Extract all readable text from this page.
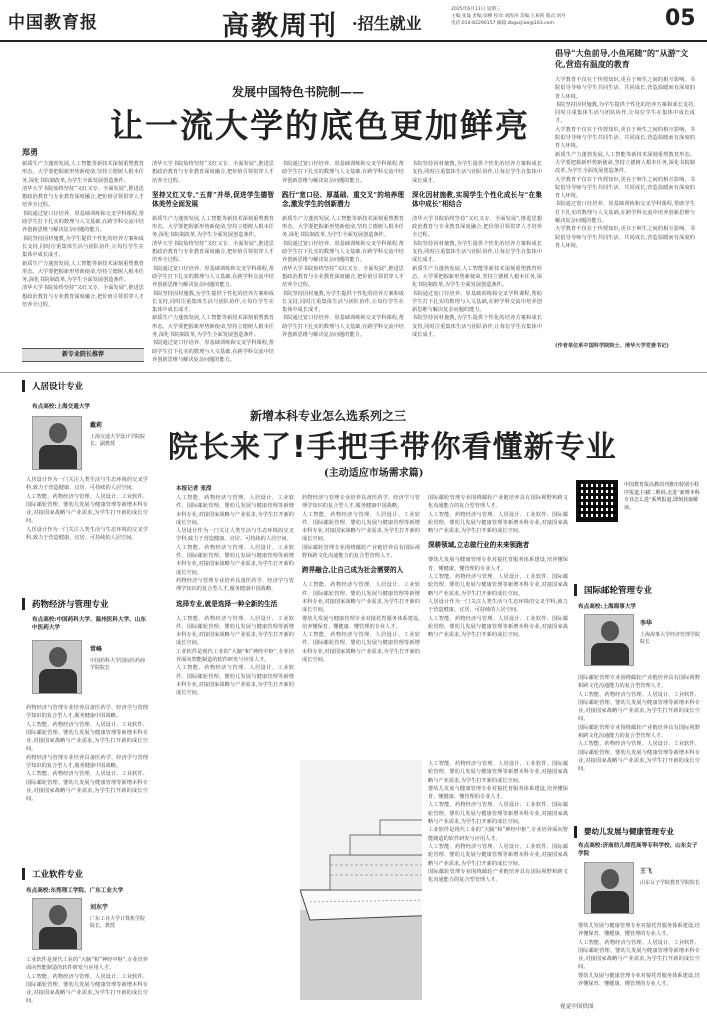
中国教育报	高教周刊 ·招生就业
2025年6月11日 星期三
主编:张曼 责编:徐柳 校对:刘海涛 美编:王莉莉 版式:刘丹
电话:010-82296157 邮箱:zbgxcjiao@163.com	05
发展中国特色书院制——
让一流大学的底色更加鲜亮
郑勇

新质生产力蓬勃发展,人工智能等新技术深刻重塑教育形态。大学要把握新形势新使命,坚持立德树人根本任务,深化书院制改革,为学生全面发展创造条件。

清华大学书院始终坚持“又红又专、全面发展”,推进思想政治教育与专业教育深度融合,把价值引领贯穿人才培养全过程。

书院通过宽口径培养、厚基础训练和交叉学科课程,帮助学生打下扎实的数理与人文基础,在跨学科交流中培养创新思维与解决复杂问题的能力。

书院坚持因材施教,为学生提供个性化的培养方案和成长支持,同时注重集体生活与团队协作,让每位学生在集体中成长成才。

新质生产力蓬勃发展,人工智能等新技术深刻重塑教育形态。大学要把握新形势新使命,坚持立德树人根本任务,深化书院制改革,为学生全面发展创造条件。

清华大学书院始终坚持“又红又专、全面发展”,推进思想政治教育与专业教育深度融合,把价值引领贯穿人才培养全过程。

清华大学书院始终坚持“又红又专、全面发展”,推进思想政治教育与专业教育深度融合,把价值引领贯穿人才培养全过程。

坚持又红又专,“五育”并举,促进学生德智体美劳全面发展

新质生产力蓬勃发展,人工智能等新技术深刻重塑教育形态。大学要把握新形势新使命,坚持立德树人根本任务,深化书院制改革,为学生全面发展创造条件。

清华大学书院始终坚持“又红又专、全面发展”,推进思想政治教育与专业教育深度融合,把价值引领贯穿人才培养全过程。

书院通过宽口径培养、厚基础训练和交叉学科课程,帮助学生打下扎实的数理与人文基础,在跨学科交流中培养创新思维与解决复杂问题的能力。

书院坚持因材施教,为学生提供个性化的培养方案和成长支持,同时注重集体生活与团队协作,让每位学生在集体中成长成才。

新质生产力蓬勃发展,人工智能等新技术深刻重塑教育形态。大学要把握新形势新使命,坚持立德树人根本任务,深化书院制改革,为学生全面发展创造条件。

书院通过宽口径培养、厚基础训练和交叉学科课程,帮助学生打下扎实的数理与人文基础,在跨学科交流中培养创新思维与解决复杂问题的能力。

书院通过宽口径培养、厚基础训练和交叉学科课程,帮助学生打下扎实的数理与人文基础,在跨学科交流中培养创新思维与解决复杂问题的能力。

践行“宽口径、厚基础、重交叉”的培养理念,激发学生的创新潜力

新质生产力蓬勃发展,人工智能等新技术深刻重塑教育形态。大学要把握新形势新使命,坚持立德树人根本任务,深化书院制改革,为学生全面发展创造条件。

书院通过宽口径培养、厚基础训练和交叉学科课程,帮助学生打下扎实的数理与人文基础,在跨学科交流中培养创新思维与解决复杂问题的能力。

清华大学书院始终坚持“又红又专、全面发展”,推进思想政治教育与专业教育深度融合,把价值引领贯穿人才培养全过程。

书院坚持因材施教,为学生提供个性化的培养方案和成长支持,同时注重集体生活与团队协作,让每位学生在集体中成长成才。

书院通过宽口径培养、厚基础训练和交叉学科课程,帮助学生打下扎实的数理与人文基础,在跨学科交流中培养创新思维与解决复杂问题的能力。

书院坚持因材施教,为学生提供个性化的培养方案和成长支持,同时注重集体生活与团队协作,让每位学生在集体中成长成才。

深化因材施教,实现学生个性化成长与“在集体中成长”相结合

清华大学书院始终坚持“又红又专、全面发展”,推进思想政治教育与专业教育深度融合,把价值引领贯穿人才培养全过程。

书院坚持因材施教,为学生提供个性化的培养方案和成长支持,同时注重集体生活与团队协作,让每位学生在集体中成长成才。

新质生产力蓬勃发展,人工智能等新技术深刻重塑教育形态。大学要把握新形势新使命,坚持立德树人根本任务,深化书院制改革,为学生全面发展创造条件。

书院通过宽口径培养、厚基础训练和交叉学科课程,帮助学生打下扎实的数理与人文基础,在跨学科交流中培养创新思维与解决复杂问题的能力。

书院坚持因材施教,为学生提供个性化的培养方案和成长支持,同时注重集体生活与团队协作,让每位学生在集体中成长成才。

倡导“大鱼前导,小鱼尾随”的“从游”文化,营造有温度的教育

大学教育不仅在于传授知识,更在于师生之间的相互影响。书院倡导导师与学生共同生活、共同成长,营造温暖而有深度的育人环境。

书院坚持因材施教,为学生提供个性化的培养方案和成长支持,同时注重集体生活与团队协作,让每位学生在集体中成长成才。

大学教育不仅在于传授知识,更在于师生之间的相互影响。书院倡导导师与学生共同生活、共同成长,营造温暖而有深度的育人环境。

新质生产力蓬勃发展,人工智能等新技术深刻重塑教育形态。大学要把握新形势新使命,坚持立德树人根本任务,深化书院制改革,为学生全面发展创造条件。

大学教育不仅在于传授知识,更在于师生之间的相互影响。书院倡导导师与学生共同生活、共同成长,营造温暖而有深度的育人环境。

书院通过宽口径培养、厚基础训练和交叉学科课程,帮助学生打下扎实的数理与人文基础,在跨学科交流中培养创新思维与解决复杂问题的能力。

大学教育不仅在于传授知识,更在于师生之间的相互影响。书院倡导导师与学生共同生活、共同成长,营造温暖而有深度的育人环境。

(作者单位系中国科学院院士、清华大学党委书记)
新增本科专业怎么选系列之三
院长来了!手把手带你看懂新专业
(主动适应市场需求篇)
新专业院长推荐
人居设计专业
布点高校:上海交通大学
戴莉
上海交通大学设计学院院长、副教授

人居设计作为一门关注人类生活与生态环境的交叉学科,致力于营造健康、宜居、可持续的人居空间。

人工智能、药物经济与管理、人居设计、工业软件、国际邮轮管理、婴幼儿发展与健康管理等新增本科专业,对接国家战略与产业需求,为学生打开新的成长空间。

人居设计作为一门关注人类生活与生态环境的交叉学科,致力于营造健康、宜居、可持续的人居空间。

药物经济与管理专业
布点高校:中国药科大学、温州医科大学、山东中医药大学
常峰
中国药科大学国际医药商学院院长

药物经济与管理专业培养具备医药学、经济学与管理学知识的复合型人才,服务健康中国战略。

人工智能、药物经济与管理、人居设计、工业软件、国际邮轮管理、婴幼儿发展与健康管理等新增本科专业,对接国家战略与产业需求,为学生打开新的成长空间。

药物经济与管理专业培养具备医药学、经济学与管理学知识的复合型人才,服务健康中国战略。

人工智能、药物经济与管理、人居设计、工业软件、国际邮轮管理、婴幼儿发展与健康管理等新增本科专业,对接国家战略与产业需求,为学生打开新的成长空间。

工业软件专业
布点高校:东莞理工学院、广东工业大学
刘东宇
广东工业大学计算机学院院长、教授

工业软件是现代工业的“大脑”和“神经中枢”,专业培养面向智能制造的软件研发与应用人才。

人工智能、药物经济与管理、人居设计、工业软件、国际邮轮管理、婴幼儿发展与健康管理等新增本科专业,对接国家战略与产业需求,为学生打开新的成长空间。

本报记者 张滢

人工智能、药物经济与管理、人居设计、工业软件、国际邮轮管理、婴幼儿发展与健康管理等新增本科专业,对接国家战略与产业需求,为学生打开新的成长空间。

人居设计作为一门关注人类生活与生态环境的交叉学科,致力于营造健康、宜居、可持续的人居空间。

人工智能、药物经济与管理、人居设计、工业软件、国际邮轮管理、婴幼儿发展与健康管理等新增本科专业,对接国家战略与产业需求,为学生打开新的成长空间。

药物经济与管理专业培养具备医药学、经济学与管理学知识的复合型人才,服务健康中国战略。

选择专业,就是选择一种全新的生活

人工智能、药物经济与管理、人居设计、工业软件、国际邮轮管理、婴幼儿发展与健康管理等新增本科专业,对接国家战略与产业需求,为学生打开新的成长空间。

工业软件是现代工业的“大脑”和“神经中枢”,专业培养面向智能制造的软件研发与应用人才。

人工智能、药物经济与管理、人居设计、工业软件、国际邮轮管理、婴幼儿发展与健康管理等新增本科专业,对接国家战略与产业需求,为学生打开新的成长空间。

药物经济与管理专业培养具备医药学、经济学与管理学知识的复合型人才,服务健康中国战略。

人工智能、药物经济与管理、人居设计、工业软件、国际邮轮管理、婴幼儿发展与健康管理等新增本科专业,对接国家战略与产业需求,为学生打开新的成长空间。

国际邮轮管理专业围绕邮轮产业链培养具有国际视野和跨文化沟通能力的复合型管理人才。

跨界融合,让自己成为社会需要的人

人工智能、药物经济与管理、人居设计、工业软件、国际邮轮管理、婴幼儿发展与健康管理等新增本科专业,对接国家战略与产业需求,为学生打开新的成长空间。

婴幼儿发展与健康管理专业对接托育服务体系建设,培养懂保育、懂健康、懂管理的专业人才。

人工智能、药物经济与管理、人居设计、工业软件、国际邮轮管理、婴幼儿发展与健康管理等新增本科专业,对接国家战略与产业需求,为学生打开新的成长空间。

国际邮轮管理专业围绕邮轮产业链培养具有国际视野和跨文化沟通能力的复合型管理人才。

人工智能、药物经济与管理、人居设计、工业软件、国际邮轮管理、婴幼儿发展与健康管理等新增本科专业,对接国家战略与产业需求,为学生打开新的成长空间。

深耕领域,立志做行业的未来领跑者

婴幼儿发展与健康管理专业对接托育服务体系建设,培养懂保育、懂健康、懂管理的专业人才。

人工智能、药物经济与管理、人居设计、工业软件、国际邮轮管理、婴幼儿发展与健康管理等新增本科专业,对接国家战略与产业需求,为学生打开新的成长空间。

人居设计作为一门关注人类生活与生态环境的交叉学科,致力于营造健康、宜居、可持续的人居空间。

人工智能、药物经济与管理、人居设计、工业软件、国际邮轮管理、婴幼儿发展与健康管理等新增本科专业,对接国家战略与产业需求,为学生打开新的成长空间。

人工智能、药物经济与管理、人居设计、工业软件、国际邮轮管理、婴幼儿发展与健康管理等新增本科专业,对接国家战略与产业需求,为学生打开新的成长空间。

婴幼儿发展与健康管理专业对接托育服务体系建设,培养懂保育、懂健康、懂管理的专业人才。

人工智能、药物经济与管理、人居设计、工业软件、国际邮轮管理、婴幼儿发展与健康管理等新增本科专业,对接国家战略与产业需求,为学生打开新的成长空间。

工业软件是现代工业的“大脑”和“神经中枢”,专业培养面向智能制造的软件研发与应用人才。

人工智能、药物经济与管理、人居设计、工业软件、国际邮轮管理、婴幼儿发展与健康管理等新增本科专业,对接国家战略与产业需求,为学生打开新的成长空间。

国际邮轮管理专业围绕邮轮产业链培养具有国际视野和跨文化沟通能力的复合型管理人才。

视觉中国供图
中国教育报高教周刊推出特别小程序报道,扫描二维码,走进“新增本科专业怎么选”系列报道,即刻获取解读。
国际邮轮管理专业
布点高校:上海海事大学
李华
上海海事大学经济管理学院院长

国际邮轮管理专业围绕邮轮产业链培养具有国际视野和跨文化沟通能力的复合型管理人才。

人工智能、药物经济与管理、人居设计、工业软件、国际邮轮管理、婴幼儿发展与健康管理等新增本科专业,对接国家战略与产业需求,为学生打开新的成长空间。

国际邮轮管理专业围绕邮轮产业链培养具有国际视野和跨文化沟通能力的复合型管理人才。

人工智能、药物经济与管理、人居设计、工业软件、国际邮轮管理、婴幼儿发展与健康管理等新增本科专业,对接国家战略与产业需求,为学生打开新的成长空间。

婴幼儿发展与健康管理专业
布点高校:济南幼儿师范高等专科学校、山东女子学院
王飞
山东女子学院教育学院院长

婴幼儿发展与健康管理专业对接托育服务体系建设,培养懂保育、懂健康、懂管理的专业人才。

人工智能、药物经济与管理、人居设计、工业软件、国际邮轮管理、婴幼儿发展与健康管理等新增本科专业,对接国家战略与产业需求,为学生打开新的成长空间。

婴幼儿发展与健康管理专业对接托育服务体系建设,培养懂保育、懂健康、懂管理的专业人才。
